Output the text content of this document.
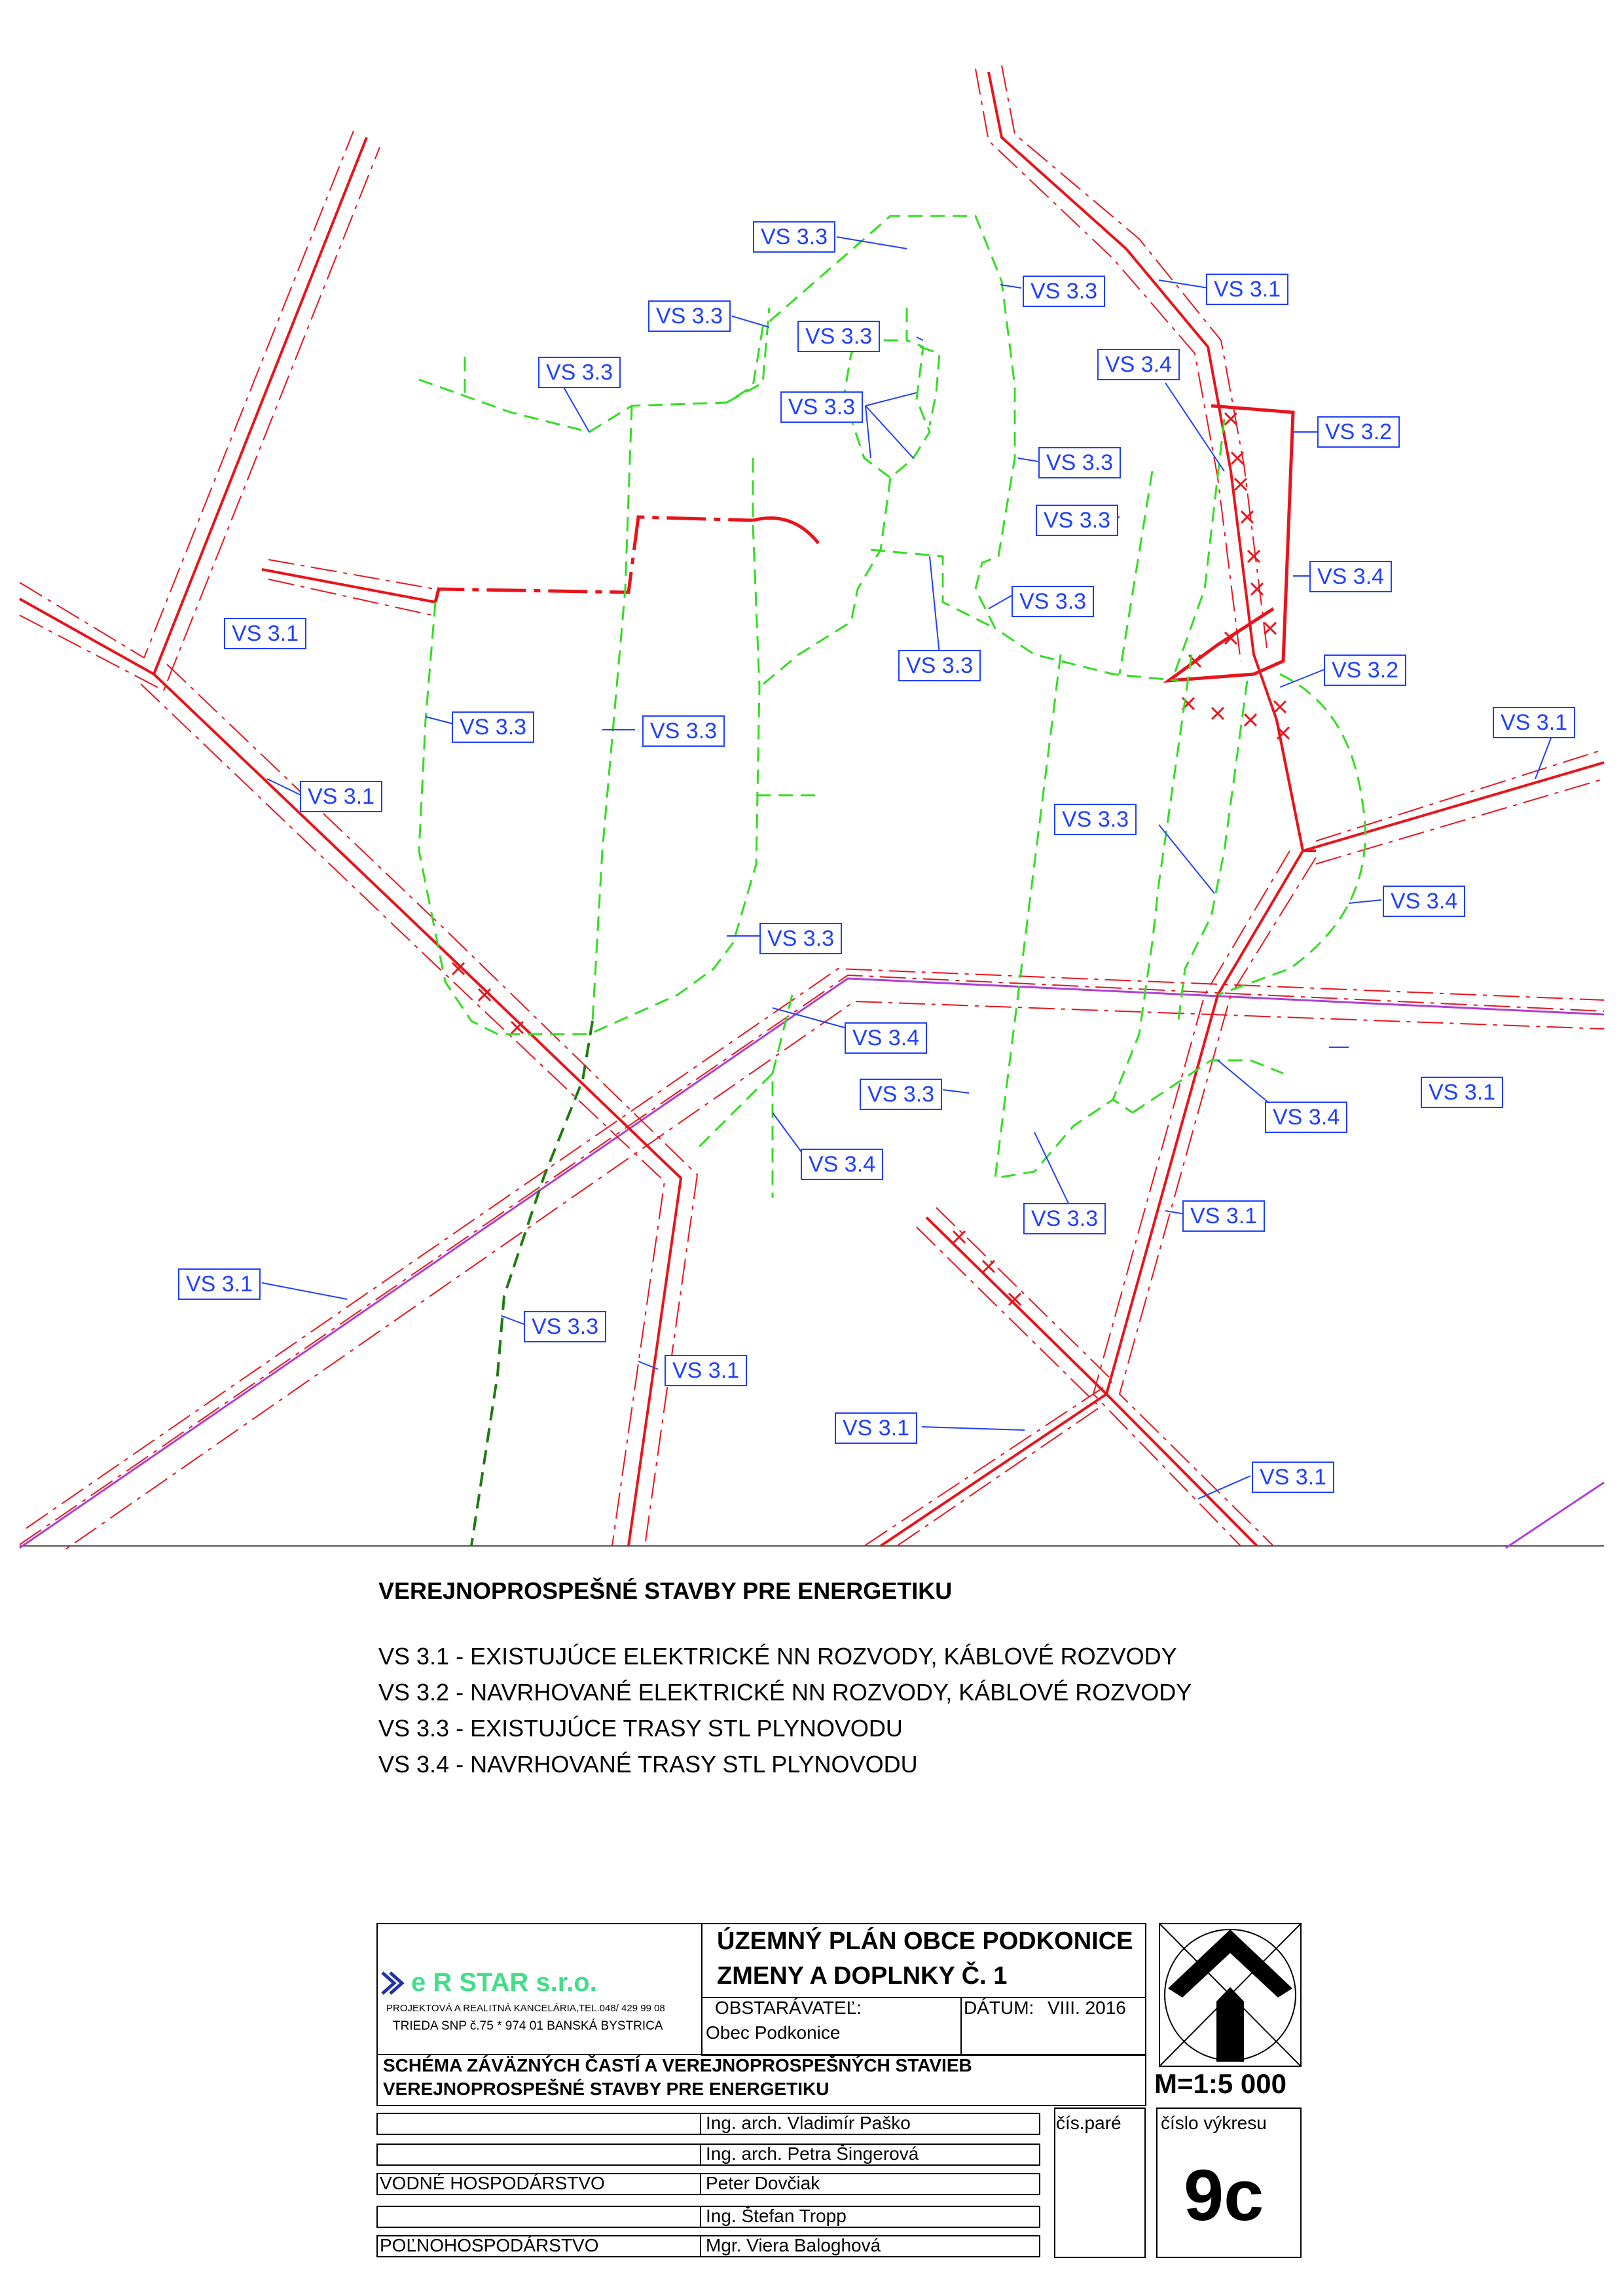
VS 3.3
VS 3.3
VS 3.3	VS 3.1
VS 3.3
VS 3.3	VS 3.4
VS 3.3
VS 3.2
VS 3.3
VS 3.3
VS 3.4
VS 3.3
VS 3.1
VS 3.3	VS 3.2
VS 3.3	VS 3.1
VS 3.1
VS 3.3
VS 3.4
VS 3.3
VS 3.4
VS 3.4
VS 3.1
VS 3.3
VS 3.4
VS 3.3
VS 3.1
VS 3.1
VS 3.3
VS 3.1
VS 3.1
VS 3.1
VS 3.3
VEREJNOPROSPEŠNÉ STAVBY PRE ENERGETIKU
VS 3.1 - EXISTUJÚCE ELEKTRICKÉ NN ROZVODY, KÁBLOVÉ ROZVODY
VS 3.2 - NAVRHOVANÉ ELEKTRICKÉ NN ROZVODY, KÁBLOVÉ ROZVODY
VS 3.3 - EXISTUJÚCE TRASY STL PLYNOVODU
VS 3.4 - NAVRHOVANÉ TRASY STL PLYNOVODU
e R STAR s.r.o.
PROJEKTOVÁ A REALITNÁ KANCELÁRIA,TEL.048/ 429 99 08
TRIEDA SNP č.75 * 974 01 BANSKÁ BYSTRICA
ÚZEMNÝ PLÁN OBCE PODKONICE
ZMENY A DOPLNKY Č. 1
OBSTARÁVATEĽ:
Obec Podkonice
DÁTUM: VIII. 2016
SCHÉMA ZÁVÄZNÝCH ČASTÍ A VEREJNOPROSPEŠNÝCH STAVIEB
VEREJNOPROSPEŠNÉ STAVBY PRE ENERGETIKU	M=1:5 000
Ing. arch. Vladimír Paško
Ing. arch. Petra Šingerová
VODNÉ HOSPODÁRSTVO	Peter Dovčiak
Ing. Štefan Tropp
POĽNOHOSPODÁRSTVO	Mgr. Viera Baloghová
čís.paré číslo výkresu
9c
